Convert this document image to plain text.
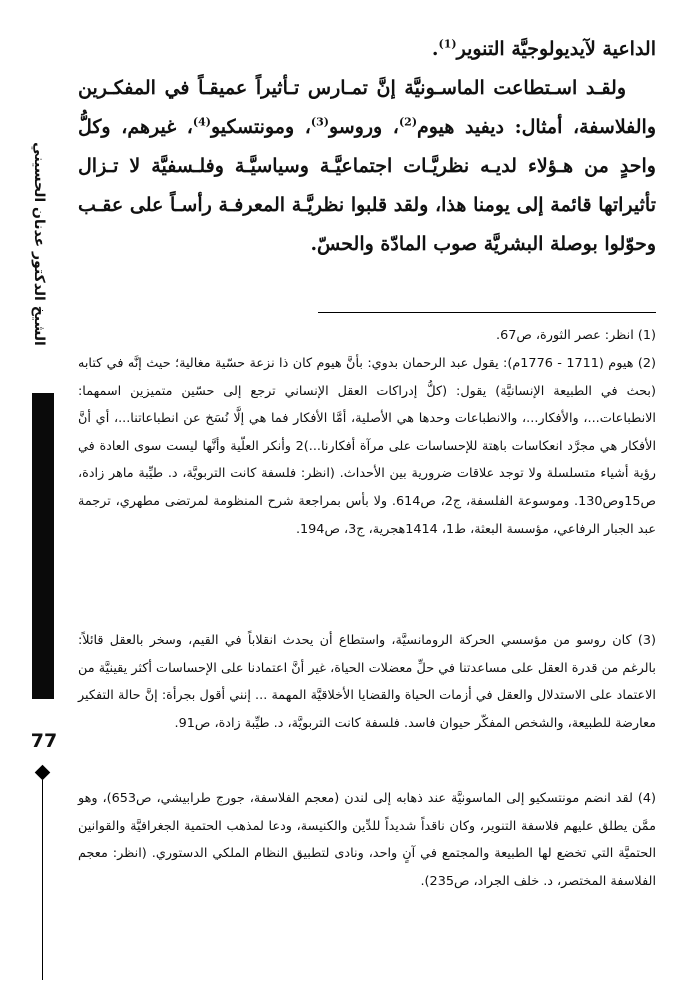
الشيخ الدكتور عدنان الحسيني
77

الداعية لآيديولوجيَّة التنوير$^{(1)}$.

ولقـد اسـتطاعت الماسـونيَّة إنَّ تمـارس تـأثيراً عميقـاً في المفكـرين والفلاسفة، أمثال: ديفيد هيوم$^{(2)}$، وروسو$^{(3)}$، ومونتسكيو$^{(4)}$، غيرهم، وكلُّ واحدٍ من هـؤلاء لديـه نظريَّـات اجتماعيَّـة وسياسيَّـة وفلـسفيَّة لا تـزال تأثيراتها قائمة إلى يومنا هذا، ولقد قلبوا نظريَّـة المعرفـة رأسـاً على عقـب وحوّلوا بوصلة البشريَّة صوب المادّة والحسّ.

(1) انظر: عصر الثورة، ص67.

(2) هيوم (1711 - 1776م): يقول عبد الرحمان بدوي: بأنَّ هيوم كان ذا نزعة حسّية مغالية؛ حيث إنَّه في كتابه (بحث في الطبيعة الإنسانيَّة) يقول: (كلُّ إدراكات العقل الإنساني ترجع إلى حسّين متميزين اسمهما: الانطباعات...، والأفكار...، والانطباعات وحدها هي الأصلية، أمَّا الأفكار فما هي إلَّا نُسَخ عن انطباعاتنا...، أي أنَّ الأفكار هي مجرَّد انعكاسات باهتة للإحساسات على مرآة أفكارنا...)2 وأنكر العلّية وأنَّها ليست سوى العادة في رؤية أشياء متسلسلة ولا توجد علاقات ضرورية بين الأحداث. (انظر: فلسفة كانت التربويَّة، د. طيِّبة ماهر زادة، ص15وص130. وموسوعة الفلسفة، ج2، ص614. ولا بأس بمراجعة شرح المنظومة لمرتضى مطهري، ترجمة عبد الجبار الرفاعي، مؤسسة البعثة، ط1، 1414هجرية، ج3، ص194.

(3) كان روسو من مؤسسي الحركة الرومانسيَّة، واستطاع أن يحدث انقلاباً في القيم، وسخر بالعقل قائلاً: بالرغم من قدرة العقل على مساعدتنا في حلِّ معضلات الحياة، غير أنَّ اعتمادنا على الإحساسات أكثر يقينيَّة من الاعتماد على الاستدلال والعقل في أزمات الحياة والقضايا الأخلاقيَّة المهمة ... إنني أقول بجرأة: إنَّ حالة التفكير معارضة للطبيعة، والشخص المفكّر حيوان فاسد. فلسفة كانت التربويَّة، د. طيِّبة زادة، ص91.

(4) لقد انضم مونتسكيو إلى الماسونيَّة عند ذهابه إلى لندن (معجم الفلاسفة، جورج طرابيشي، ص653)، وهو ممَّن يطلق عليهم فلاسفة التنوير، وكان ناقداً شديداً للدِّين والكنيسة، ودعا لمذهب الحتمية الجغرافيَّة والقوانين الحتميَّة التي تخضع لها الطبيعة والمجتمع في آنٍ واحد، ونادى لتطبيق النظام الملكي الدستوري. (انظر: معجم الفلاسفة المختصر، د. خلف الجراد، ص235).
